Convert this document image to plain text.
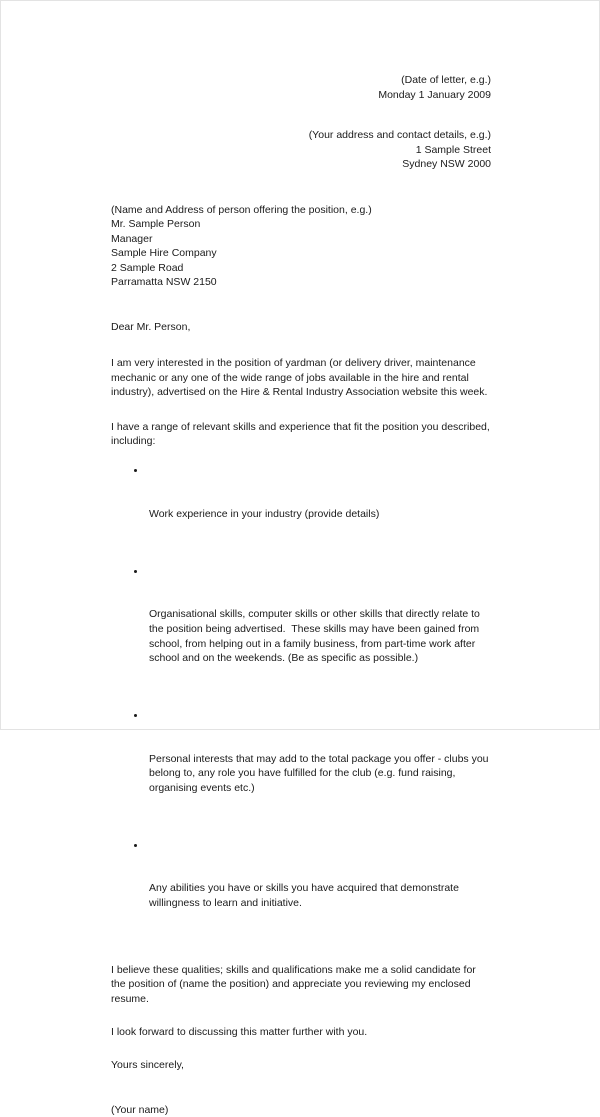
(Date of letter, e.g.)
Monday 1 January 2009
(Your address and contact details, e.g.)
1 Sample Street
Sydney NSW 2000
(Name and Address of person offering the position, e.g.)
Mr. Sample Person
Manager
Sample Hire Company
2 Sample Road
Parramatta NSW 2150
Dear Mr. Person,
I am very interested in the position of yardman (or delivery driver, maintenance mechanic or any one of the wide range of jobs available in the hire and rental industry), advertised on the Hire & Rental Industry Association website this week.
I have a range of relevant skills and experience that fit the position you described, including:

Work experience in your industry (provide details)

Organisational skills, computer skills or other skills that directly relate to the position being advertised.  These skills may have been gained from school, from helping out in a family business, from part-time work after school and on the weekends. (Be as specific as possible.)

Personal interests that may add to the total package you offer - clubs you belong to, any role you have fulfilled for the club (e.g. fund raising, organising events etc.)

Any abilities you have or skills you have acquired that demonstrate willingness to learn and initiative.

I believe these qualities; skills and qualifications make me a solid candidate for the position of (name the position) and appreciate you reviewing my enclosed resume.
I look forward to discussing this matter further with you.
Yours sincerely,
(Your name)
